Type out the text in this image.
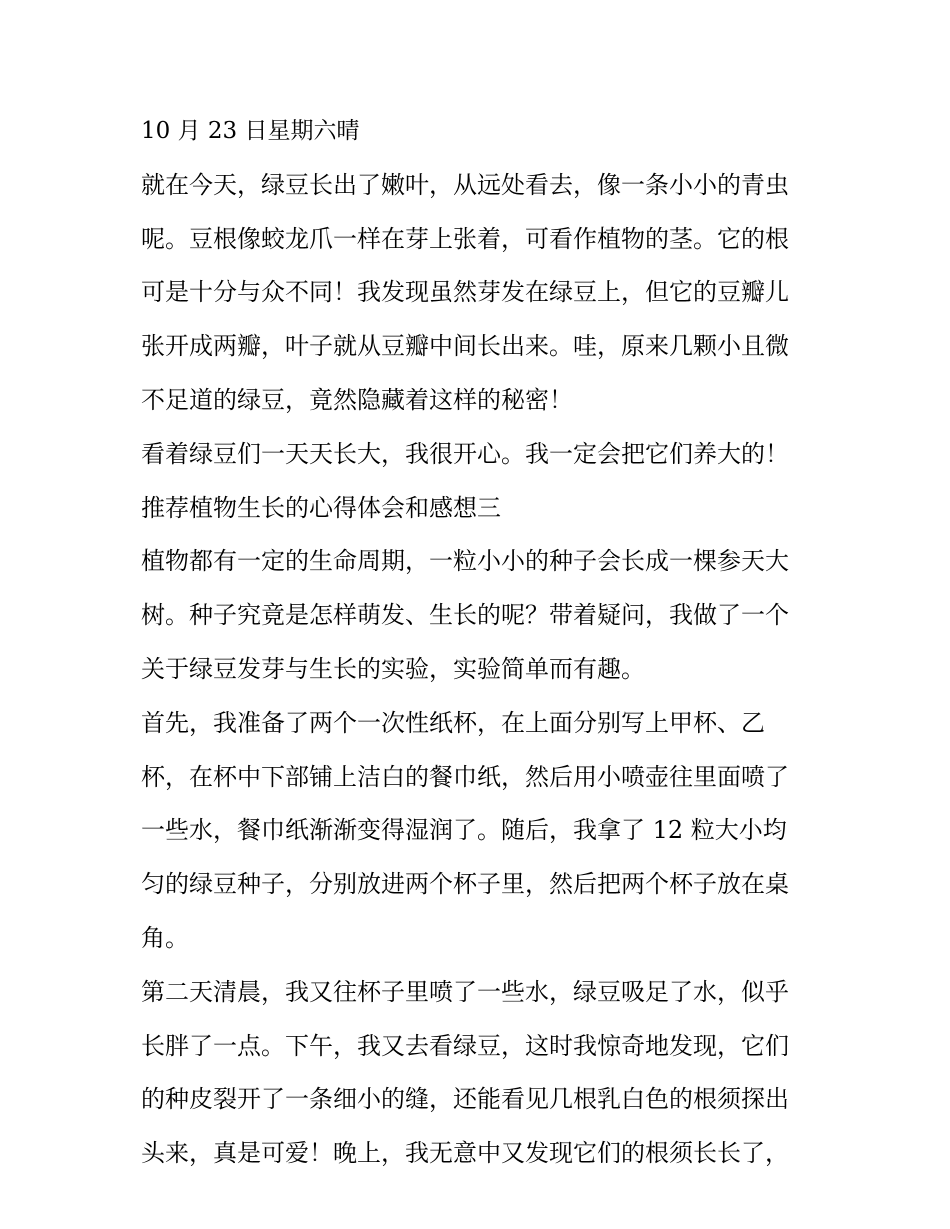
10 月 23 日星期六晴
就在今天，绿豆长出了嫩叶，从远处看去，像一条小小的青虫
呢。豆根像蛟龙爪一样在芽上张着，可看作植物的茎。它的根
可是十分与众不同！我发现虽然芽发在绿豆上，但它的豆瓣儿
张开成两瓣，叶子就从豆瓣中间长出来。哇，原来几颗小且微
不足道的绿豆，竟然隐藏着这样的秘密！
看着绿豆们一天天长大，我很开心。我一定会把它们养大的！
推荐植物生长的心得体会和感想三
植物都有一定的生命周期，一粒小小的种子会长成一棵参天大
树。种子究竟是怎样萌发、生长的呢？带着疑问，我做了一个
关于绿豆发芽与生长的实验，实验简单而有趣。
首先，我准备了两个一次性纸杯，在上面分别写上甲杯、乙
杯，在杯中下部铺上洁白的餐巾纸，然后用小喷壶往里面喷了
一些水，餐巾纸渐渐变得湿润了。随后，我拿了 12 粒大小均
匀的绿豆种子，分别放进两个杯子里，然后把两个杯子放在桌
角。
第二天清晨，我又往杯子里喷了一些水，绿豆吸足了水，似乎
长胖了一点。下午，我又去看绿豆，这时我惊奇地发现，它们
的种皮裂开了一条细小的缝，还能看见几根乳白色的根须探出
头来，真是可爱！晚上，我无意中又发现它们的根须长长了，
